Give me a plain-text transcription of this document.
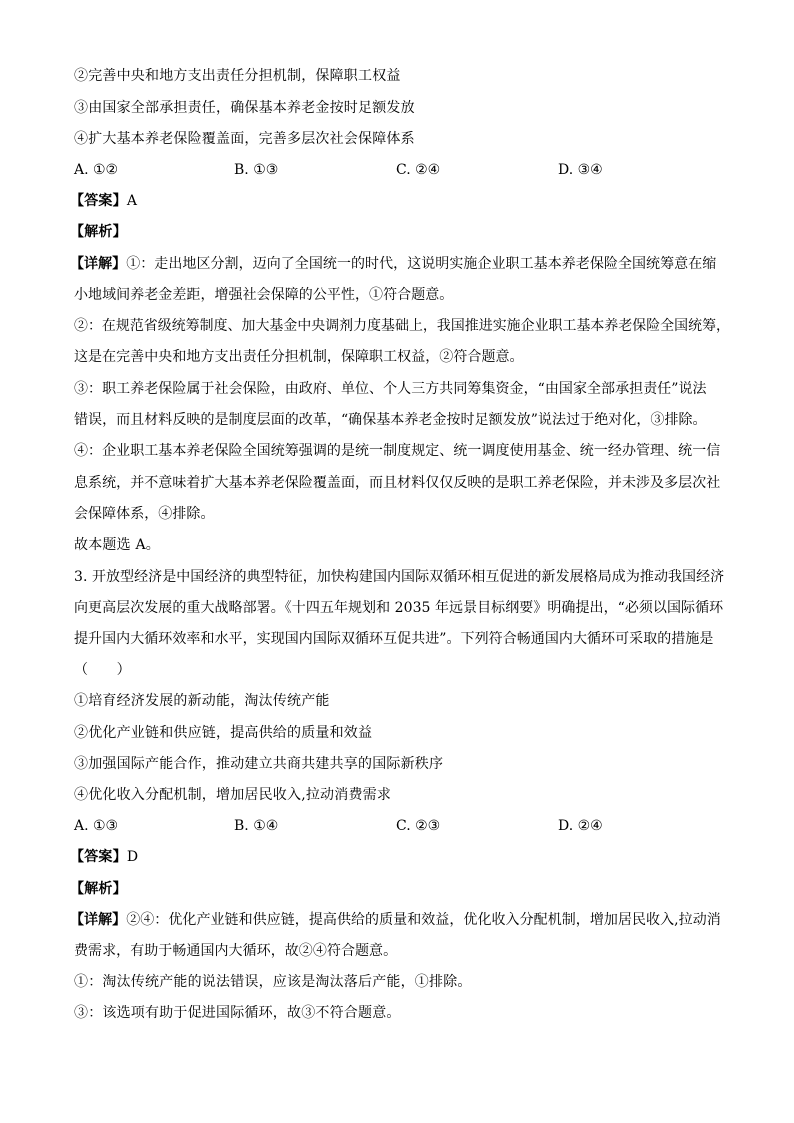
②完善中央和地方支出责任分担机制，保障职工权益
③由国家全部承担责任，确保基本养老金按时足额发放
④扩大基本养老保险覆盖面，完善多层次社会保障体系
A. ①②	B. ①③	C. ②④	D. ③④
【答案】A
【解析】
【详解】①：走出地区分割，迈向了全国统一的时代，这说明实施企业职工基本养老保险全国统筹意在缩
小地域间养老金差距，增强社会保障的公平性，①符合题意。
②：在规范省级统筹制度、加大基金中央调剂力度基础上，我国推进实施企业职工基本养老保险全国统筹，
这是在完善中央和地方支出责任分担机制，保障职工权益，②符合题意。
③：职工养老保险属于社会保险，由政府、单位、个人三方共同筹集资金，“由国家全部承担责任”说法
错误，而且材料反映的是制度层面的改革，“确保基本养老金按时足额发放”说法过于绝对化，③排除。
④：企业职工基本养老保险全国统筹强调的是统一制度规定、统一调度使用基金、统一经办管理、统一信
息系统，并不意味着扩大基本养老保险覆盖面，而且材料仅仅反映的是职工养老保险，并未涉及多层次社
会保障体系，④排除。
故本题选 A。
3. 开放型经济是中国经济的典型特征，加快构建国内国际双循环相互促进的新发展格局成为推动我国经济
向更高层次发展的重大战略部署。《十四五年规划和 2035 年远景目标纲要》明确提出，“必须以国际循环
提升国内大循环效率和水平，实现国内国际双循环互促共进”。下列符合畅通国内大循环可采取的措施是
（　　）
①培育经济发展的新动能，淘汰传统产能
②优化产业链和供应链，提高供给的质量和效益
③加强国际产能合作，推动建立共商共建共享的国际新秩序
④优化收入分配机制，增加居民收入,拉动消费需求
A. ①③	B. ①④	C. ②③	D. ②④
【答案】D
【解析】
【详解】②④：优化产业链和供应链，提高供给的质量和效益，优化收入分配机制，增加居民收入,拉动消
费需求，有助于畅通国内大循环，故②④符合题意。
①：淘汰传统产能的说法错误，应该是淘汰落后产能，①排除。
③：该选项有助于促进国际循环，故③不符合题意。
